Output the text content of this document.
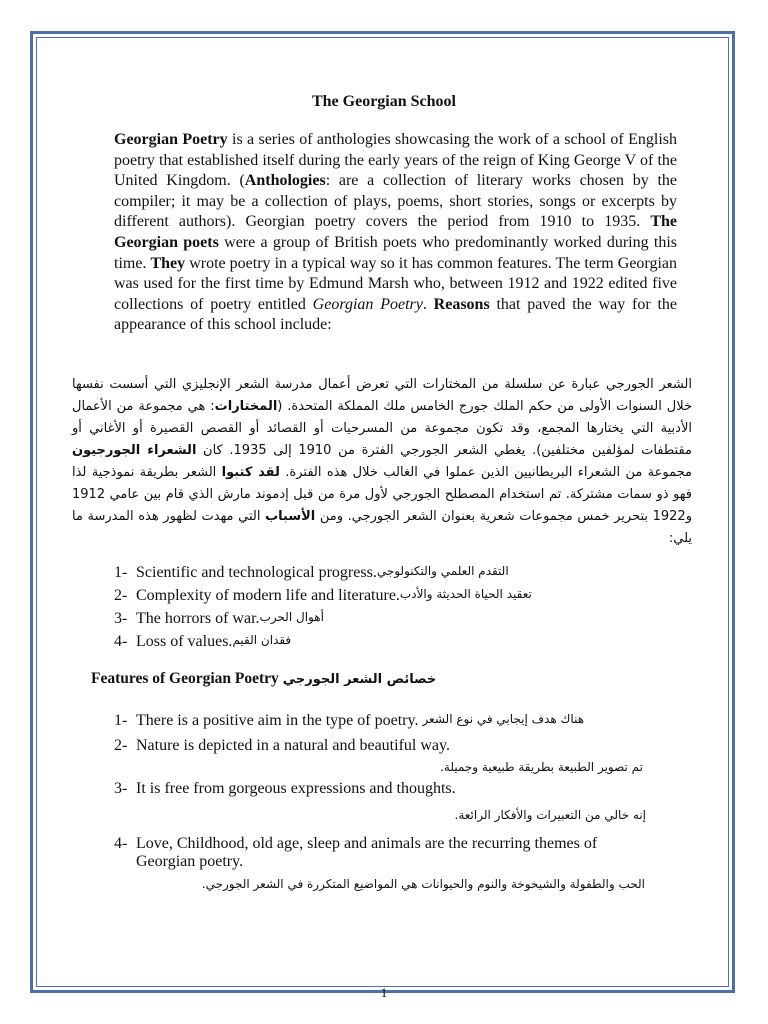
The Georgian School
Georgian Poetry is a series of anthologies showcasing the work of a school of English poetry that established itself during the early years of the reign of King George V of the United Kingdom. (Anthologies: are a collection of literary works chosen by the compiler; it may be a collection of plays, poems, short stories, songs or excerpts by different authors). Georgian poetry covers the period from 1910 to 1935. The Georgian poets were a group of British poets who predominantly worked during this time. They wrote poetry in a typical way so it has common features. The term Georgian was used for the first time by Edmund Marsh who, between 1912 and 1922 edited five collections of poetry entitled Georgian Poetry. Reasons that paved the way for the appearance of this school include:
الشعر الجورجي عبارة عن سلسلة من المختارات التي تعرض أعمال مدرسة الشعر الإنجليزي التي أسست نفسها خلال السنوات الأولى من حكم الملك جورج الخامس ملك المملكة المتحدة. (المختارات: هي مجموعة من الأعمال الأدبية التي يختارها المجمع، وقد تكون مجموعة من المسرحيات أو القصائد أو القصص القصيرة أو الأغاني أو مقتطفات لمؤلفين مختلفين). يغطي الشعر الجورجي الفترة من 1910 إلى 1935. كان الشعراء الجورجيون مجموعة من الشعراء البريطانيين الذين عملوا في الغالب خلال هذه الفترة. لقد كتبوا الشعر بطريقة نموذجية لذا فهو ذو سمات مشتركة. تم استخدام المصطلح الجورجي لأول مرة من قبل إدموند مارش الذي قام بين عامي 1912 و1922 بتحرير خمس مجموعات شعرية بعنوان الشعر الجورجي. ومن الأسباب التي مهدت لظهور هذه المدرسة ما يلي:
1- Scientific and technological progress. التقدم العلمي والتكنولوجي
2- Complexity of modern life and literature. تعقيد الحياة الحديثة والأدب
3- The horrors of war. أهوال الحرب
4- Loss of values. فقدان القيم
Features of Georgian Poetry خصائص الشعر الجورجي
1- There is a positive aim in the type of poetry. هناك هدف إيجابي في نوع الشعر
2- Nature is depicted in a natural and beautiful way.
تم تصوير الطبيعة بطريقة طبيعية وجميلة.
3- It is free from gorgeous expressions and thoughts.
إنه خالي من التعبيرات والأفكار الرائعة.
4- Love, Childhood, old age, sleep and animals are the recurring themes of
Georgian poetry.
الحب والطفولة والشيخوخة والنوم والحيوانات هي المواضيع المتكررة في الشعر الجورجي.
1
